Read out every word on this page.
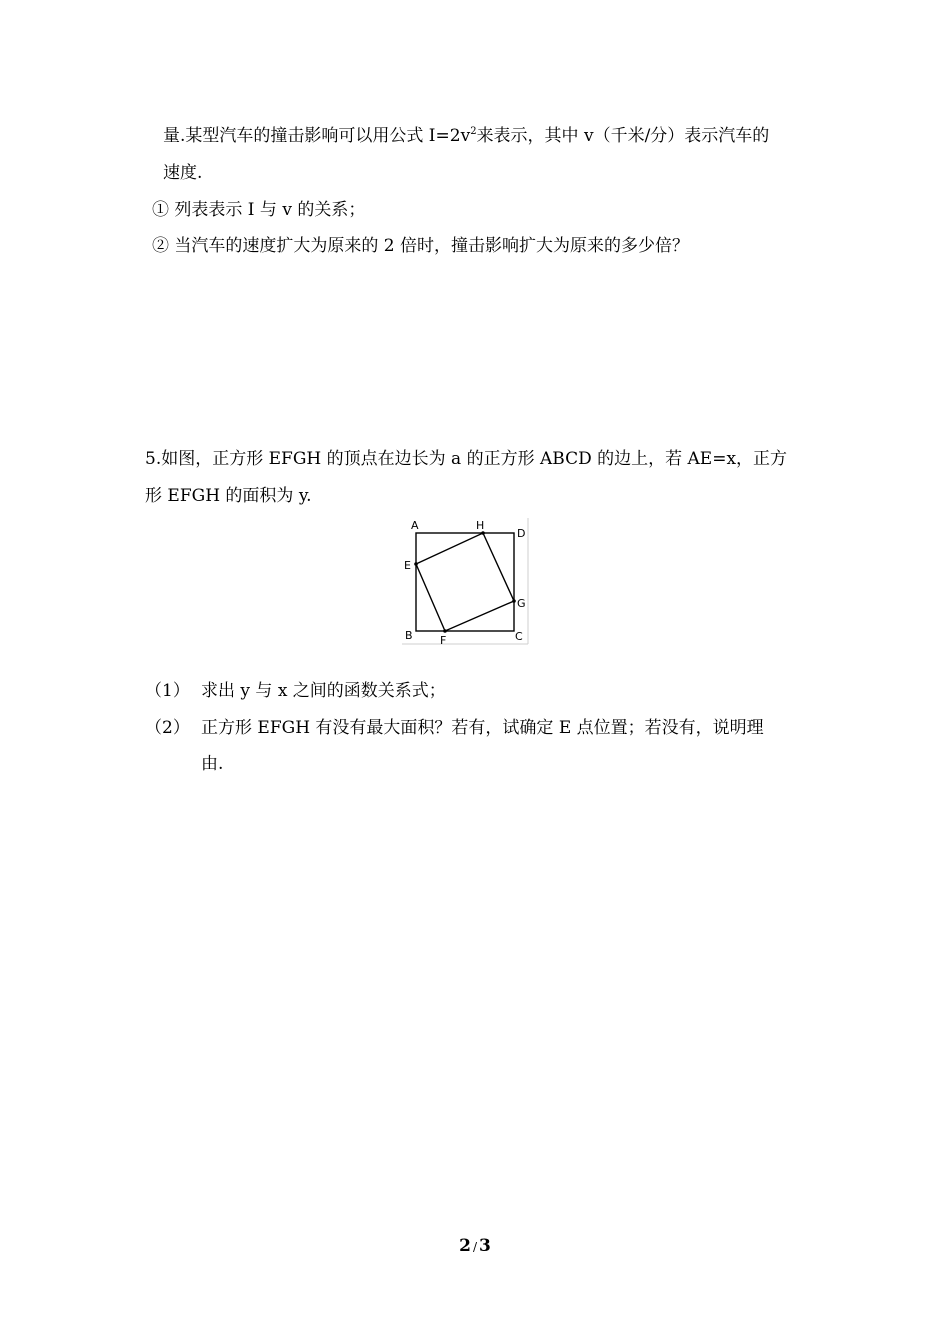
量.某型汽车的撞击影响可以用公式 $I=2v^2$来表示，其中 v（千米/分）表示汽车的
速度.
① 列表表示 I 与 v 的关系；
② 当汽车的速度扩大为原来的 2 倍时，撞击影响扩大为原来的多少倍？
5.如图，正方形 EFGH 的顶点在边长为 a 的正方形 ABCD 的边上，若 AE=x，正方
形 EFGH 的面积为 y.
A	H
D
E
G
B F	C
（1） 求出 y 与 x 之间的函数关系式；
（2） 正方形 EFGH 有没有最大面积？若有，试确定 E 点位置；若没有，说明理
由.
2 / 3
